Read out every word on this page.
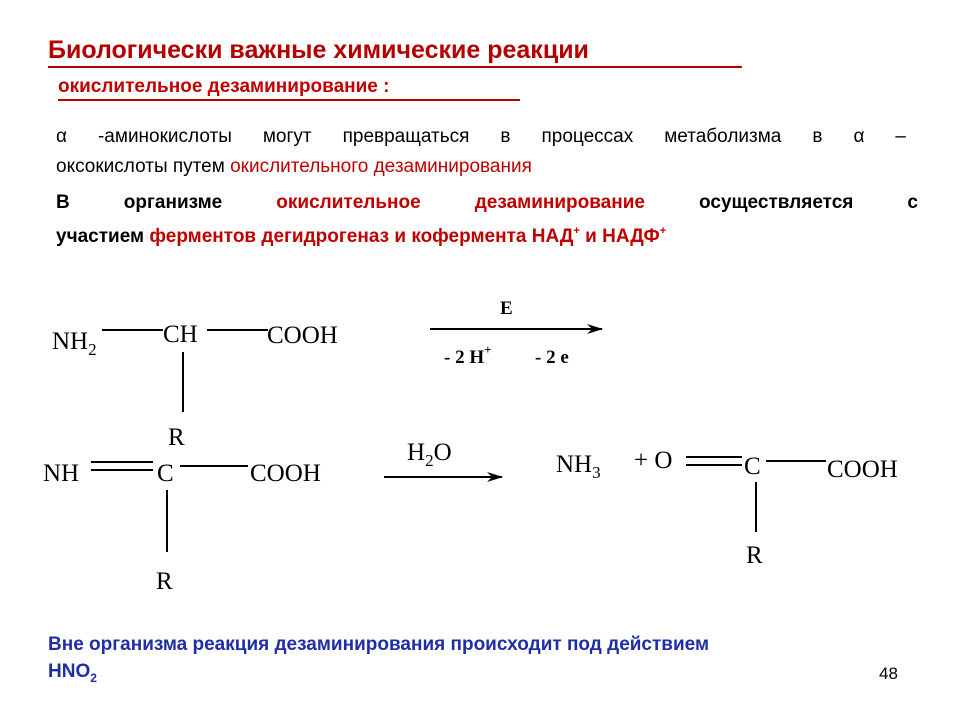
Биологически важные химические реакции
окислительное дезаминирование :
α -аминокислоты могут превращаться в процессах метаболизма в α –
оксокислоты путем окислительного дезаминирования
В организме окислительное дезаминирование осуществляется с
участием ферментов дегидрогеназ и кофермента НАД+ и НАДФ+
$NH_2$
CH	COOH
R
E
- 2 H+ - 2 e
NH	C	COOH
R
$H_2O$	$NH_3 + O$	C	COOH
R
Вне организма реакция дезаминирования происходит под действием
$HNO_2$	48
